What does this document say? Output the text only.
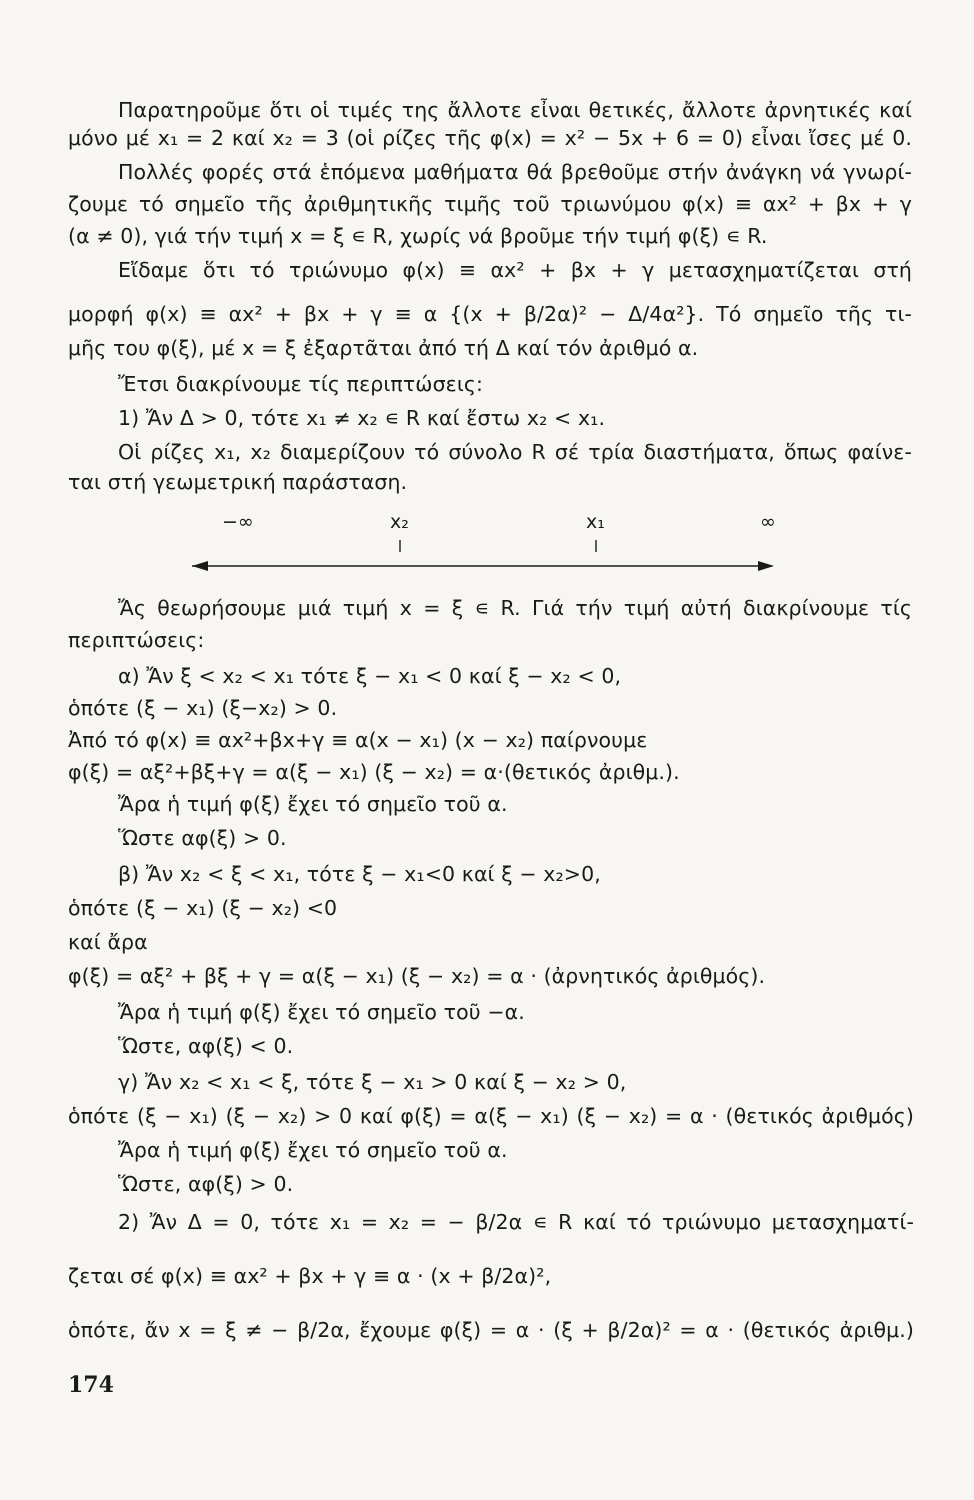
Παρατηροῦμε ὅτι οἱ τιμές της ἄλλοτε εἶναι θετικές, ἄλλοτε ἀρνητικές καί
μόνο μέ x₁ = 2 καί x₂ = 3 (οἱ ρίζες τῆς φ(x) = x² − 5x + 6 = 0) εἶναι ἴσες μέ 0.
Πολλές φορές στά ἑπόμενα μαθήματα θά βρεθοῦμε στήν ἀνάγκη νά γνωρί-
ζουμε τό σημεῖο τῆς ἀριθμητικῆς τιμῆς τοῦ τριωνύμου φ(x) ≡ αx² + βx + γ
(α ≠ 0), γιά τήν τιμή x = ξ ∊ R, χωρίς νά βροῦμε τήν τιμή φ(ξ) ∊ R.
Εἴδαμε ὅτι τό τριώνυμο φ(x) ≡ αx² + βx + γ μετασχηματίζεται στή
μορφή φ(x) ≡ αx² + βx + γ ≡ α {(x + β/2α)² − Δ/4α²}. Τό σημεῖο τῆς τι-
μῆς του φ(ξ), μέ x = ξ ἐξαρτᾶται ἀπό τή Δ καί τόν ἀριθμό α.
Ἔτσι διακρίνουμε τίς περιπτώσεις:
1) Ἄν Δ > 0, τότε x₁ ≠ x₂ ∊ R καί ἔστω x₂ < x₁.
Οἱ ρίζες x₁, x₂ διαμερίζουν τό σύνολο R σέ τρία διαστήματα, ὅπως φαίνε-
ται στή γεωμετρική παράσταση.
−∞	x₂	x₁	∞
Ἄς θεωρήσουμε μιά τιμή x = ξ ∊ R. Γιά τήν τιμή αὐτή διακρίνουμε τίς
περιπτώσεις:
α) Ἄν ξ < x₂ < x₁ τότε ξ − x₁ < 0 καί ξ − x₂ < 0,
ὁπότε (ξ − x₁) (ξ−x₂) > 0.
Ἀπό τό φ(x) ≡ αx²+βx+γ ≡ α(x − x₁) (x − x₂) παίρνουμε
φ(ξ) = αξ²+βξ+γ = α(ξ − x₁) (ξ − x₂) = α·(θετικός ἀριθμ.).
Ἄρα ἡ τιμή φ(ξ) ἔχει τό σημεῖο τοῦ α.
Ὥστε αφ(ξ) > 0.
β) Ἄν x₂ < ξ < x₁, τότε ξ − x₁<0 καί ξ − x₂>0,
ὁπότε (ξ − x₁) (ξ − x₂) <0
καί ἄρα
φ(ξ) = αξ² + βξ + γ = α(ξ − x₁) (ξ − x₂) = α · (ἀρνητικός ἀριθμός).
Ἄρα ἡ τιμή φ(ξ) ἔχει τό σημεῖο τοῦ −α.
Ὥστε, αφ(ξ) < 0.
γ) Ἄν x₂ < x₁ < ξ, τότε ξ − x₁ > 0 καί ξ − x₂ > 0,
ὁπότε (ξ − x₁) (ξ − x₂) > 0 καί φ(ξ) = α(ξ − x₁) (ξ − x₂) = α · (θετικός ἀριθμός)
Ἄρα ἡ τιμή φ(ξ) ἔχει τό σημεῖο τοῦ α.
Ὥστε, αφ(ξ) > 0.
2) Ἄν Δ = 0, τότε x₁ = x₂ = − β/2α ∊ R καί τό τριώνυμο μετασχηματί-
ζεται σέ φ(x) ≡ αx² + βx + γ ≡ α · (x + β/2α)²,
ὁπότε, ἄν x = ξ ≠ − β/2α, ἔχουμε φ(ξ) = α · (ξ + β/2α)² = α · (θετικός ἀριθμ.)
174
